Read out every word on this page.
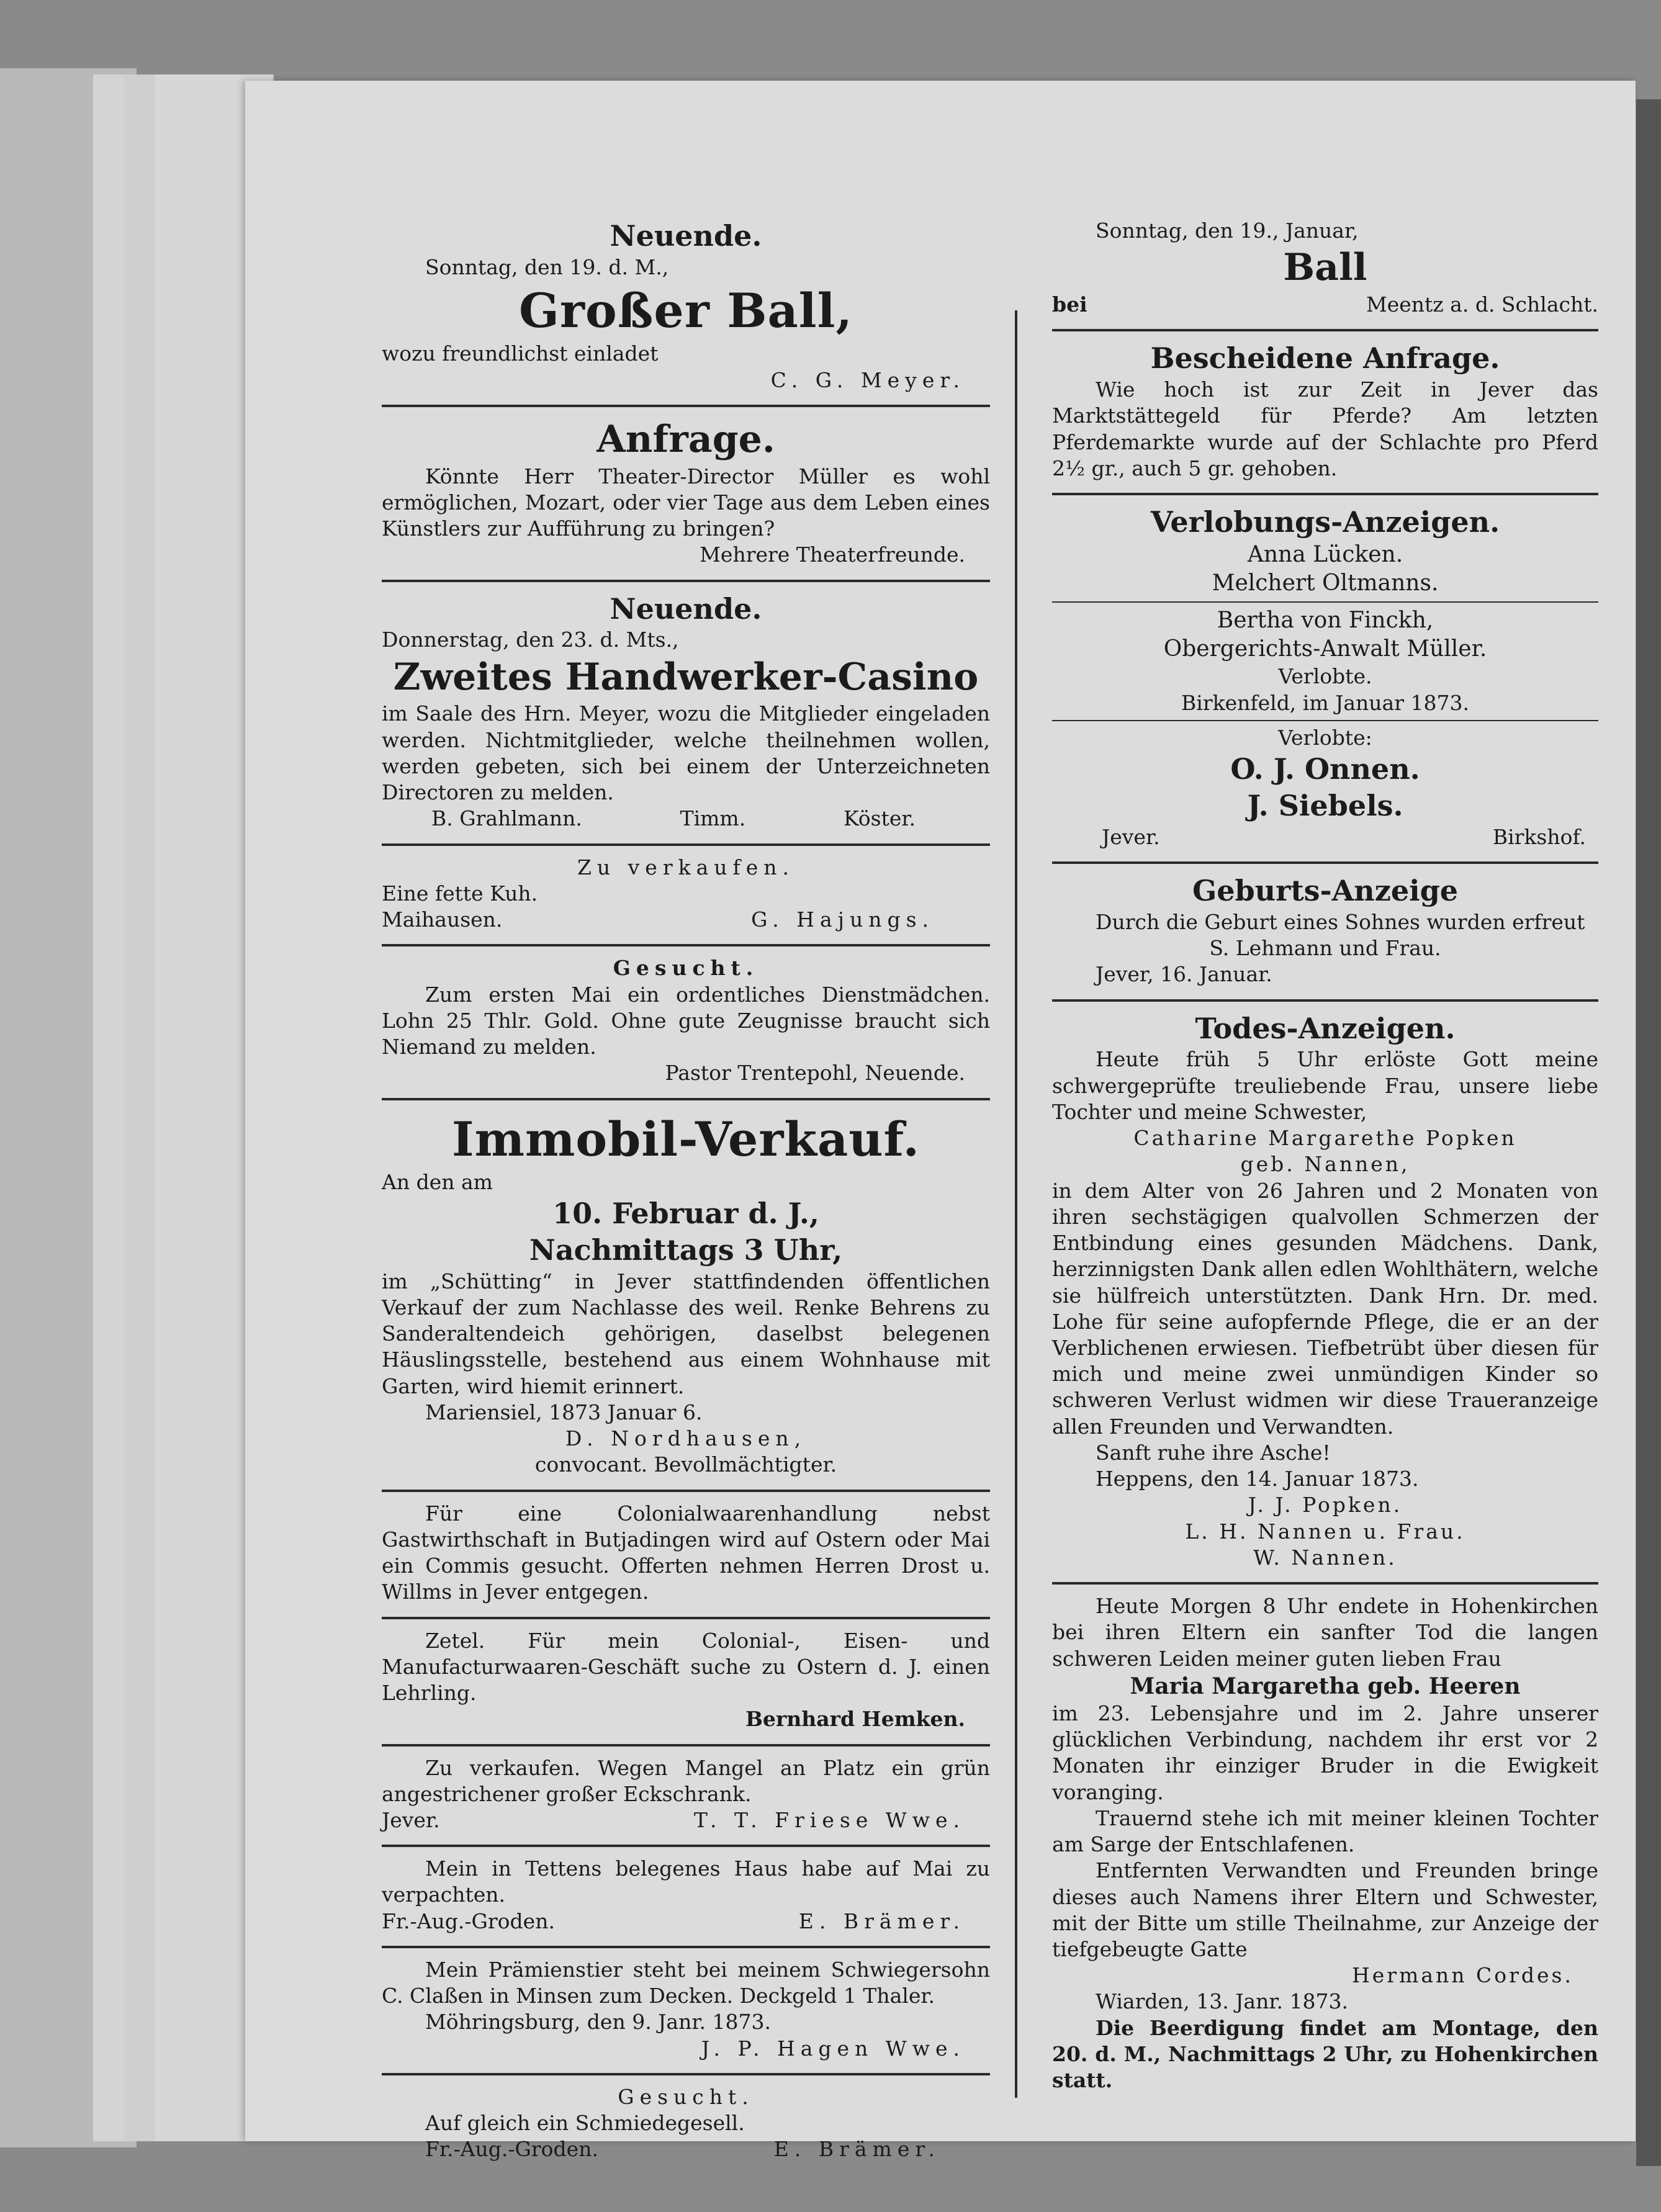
Neuende.
Sonntag, den 19. d. M.,
Großer Ball,
wozu freundlichst einladet
C. G. Meyer.
Anfrage.
Könnte Herr Theater-Director Müller es wohl ermöglichen, Mozart, oder vier Tage aus dem Leben eines Künstlers zur Aufführung zu bringen?
Mehrere Theaterfreunde.
Neuende.
Donnerstag, den 23. d. Mts.,
Zweites Handwerker-Casino
im Saale des Hrn. Meyer, wozu die Mitglieder eingeladen werden. Nichtmitglieder, welche theilnehmen wollen, werden gebeten, sich bei einem der Unterzeichneten Directoren zu melden.
B. Grahlmann.	Timm.	Köster.
Zu verkaufen.
Eine fette Kuh.
Maihausen.	G. Hajungs.
Gesucht.
Zum ersten Mai ein ordentliches Dienstmädchen. Lohn 25 Thlr. Gold. Ohne gute Zeugnisse braucht sich Niemand zu melden.
Pastor Trentepohl, Neuende.
Immobil-Verkauf.
An den am
10. Februar d. J.,
Nachmittags 3 Uhr,
im „Schütting“ in Jever stattfindenden öffentlichen Verkauf der zum Nachlasse des weil. Renke Behrens zu Sanderaltendeich gehörigen, daselbst belegenen Häuslingsstelle, bestehend aus einem Wohnhause mit Garten, wird hiemit erinnert.
Mariensiel, 1873 Januar 6.
D. Nordhausen,
convocant. Bevollmächtigter.
Für eine Colonialwaarenhandlung nebst Gastwirthschaft in Butjadingen wird auf Ostern oder Mai ein Commis gesucht. Offerten nehmen Herren Drost u. Willms in Jever entgegen.
Zetel. Für mein Colonial-, Eisen- und Manufacturwaaren-Geschäft suche zu Ostern d. J. einen Lehrling.
Bernhard Hemken.
Zu verkaufen. Wegen Mangel an Platz ein grün angestrichener großer Eckschrank.
Jever.	T. T. Friese Wwe.
Mein in Tettens belegenes Haus habe auf Mai zu verpachten.
Fr.-Aug.-Groden.	E. Brämer.
Mein Prämienstier steht bei meinem Schwiegersohn C. Claßen in Minsen zum Decken. Deckgeld 1 Thaler.
Möhringsburg, den 9. Janr. 1873.
J. P. Hagen Wwe.
Gesucht.
Auf gleich ein Schmiedegesell.
Fr.-Aug.-Groden.	E. Brämer.
Sonntag, den 19., Januar,
Ball
bei	Meentz a. d. Schlacht.
Bescheidene Anfrage.
Wie hoch ist zur Zeit in Jever das Marktstättegeld für Pferde? Am letzten Pferdemarkte wurde auf der Schlachte pro Pferd 2½ gr., auch 5 gr. gehoben.
Verlobungs-Anzeigen.
Anna Lücken.
Melchert Oltmanns.
Bertha von Finckh,
Obergerichts-Anwalt Müller.
Verlobte.
Birkenfeld, im Januar 1873.
Verlobte:
O. J. Onnen.
J. Siebels.
Jever.	Birkshof.
Geburts-Anzeige
Durch die Geburt eines Sohnes wurden erfreut
S. Lehmann und Frau.
Jever, 16. Januar.
Todes-Anzeigen.
Heute früh 5 Uhr erlöste Gott meine schwergeprüfte treuliebende Frau, unsere liebe Tochter und meine Schwester,
Catharine Margarethe Popken
geb. Nannen,
in dem Alter von 26 Jahren und 2 Monaten von ihren sechstägigen qualvollen Schmerzen der Entbindung eines gesunden Mädchens. Dank, herzinnigsten Dank allen edlen Wohlthätern, welche sie hülfreich unterstützten. Dank Hrn. Dr. med. Lohe für seine aufopfernde Pflege, die er an der Verblichenen erwiesen. Tiefbetrübt über diesen für mich und meine zwei unmündigen Kinder so schweren Verlust widmen wir diese Traueranzeige allen Freunden und Verwandten.
Sanft ruhe ihre Asche!
Heppens, den 14. Januar 1873.
J. J. Popken.
L. H. Nannen u. Frau.
W. Nannen.
Heute Morgen 8 Uhr endete in Hohenkirchen bei ihren Eltern ein sanfter Tod die langen schweren Leiden meiner guten lieben Frau
Maria Margaretha geb. Heeren
im 23. Lebensjahre und im 2. Jahre unserer glücklichen Verbindung, nachdem ihr erst vor 2 Monaten ihr einziger Bruder in die Ewigkeit voranging.
Trauernd stehe ich mit meiner kleinen Tochter am Sarge der Entschlafenen.
Entfernten Verwandten und Freunden bringe dieses auch Namens ihrer Eltern und Schwester, mit der Bitte um stille Theilnahme, zur Anzeige der tiefgebeugte Gatte
Hermann Cordes.
Wiarden, 13. Janr. 1873.
Die Beerdigung findet am Montage, den 20. d. M., Nachmittags 2 Uhr, zu Hohenkirchen statt.
